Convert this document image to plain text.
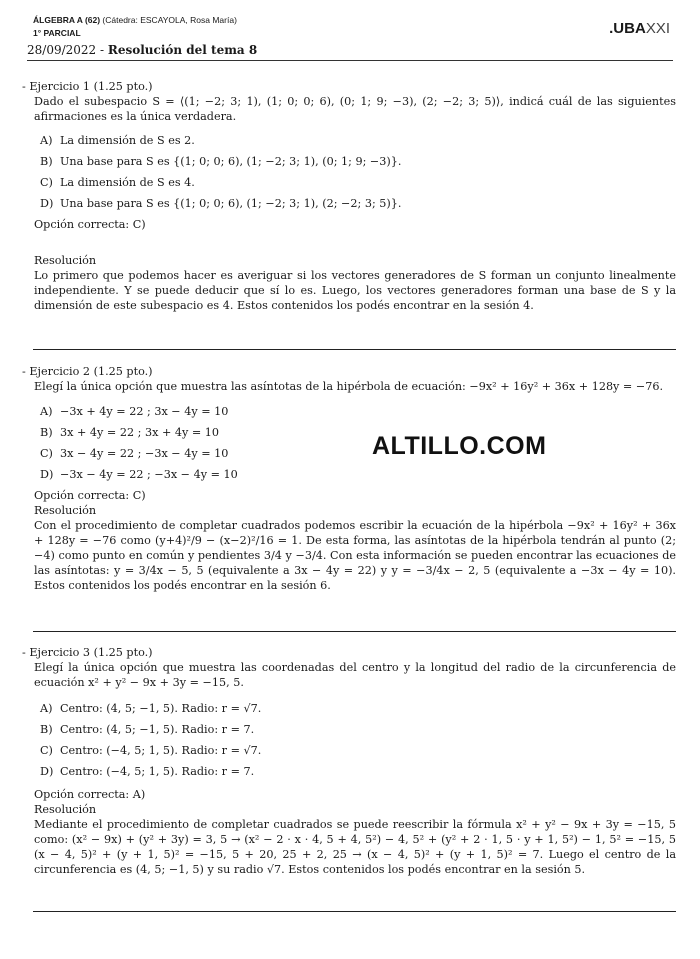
ÁLGEBRA A (62) (Cátedra: ESCAYOLA, Rosa María)
1° PARCIAL
28/09/2022 - Resolución del tema 8
.UBAXXI

- Ejercicio 1 (1.25 pto.)

Dado el subespacio S = ⟨(1; −2; 3; 1), (1; 0; 0; 6), (0; 1; 9; −3), (2; −2; 3; 5)⟩, indicá cuál de las siguientes afirmaciones es la única verdadera.

A) La dimensión de S es 2.
B) Una base para S es {(1; 0; 0; 6), (1; −2; 3; 1), (0; 1; 9; −3)}.
C) La dimensión de S es 4.
D) Una base para S es {(1; 0; 0; 6), (1; −2; 3; 1), (2; −2; 3; 5)}.

Opción correcta: C)

Resolución

Lo primero que podemos hacer es averiguar si los vectores generadores de S forman un conjunto linealmente independiente. Y se puede deducir que sí lo es. Luego, los vectores generadores forman una base de S y la dimensión de este subespacio es 4. Estos contenidos los podés encontrar en la sesión 4.

- Ejercicio 2 (1.25 pto.)

Elegí la única opción que muestra las asíntotas de la hipérbola de ecuación: −9x² + 16y² + 36x + 128y = −76.

A) −3x + 4y = 22 ; 3x − 4y = 10
B) 3x + 4y = 22 ; 3x + 4y = 10
C) 3x − 4y = 22 ; −3x − 4y = 10
D) −3x − 4y = 22 ; −3x − 4y = 10

Opción correcta: C)

Resolución

Con el procedimiento de completar cuadrados podemos escribir la ecuación de la hipérbola −9x² + 16y² + 36x + 128y = −76 como (y+4)²/9 − (x−2)²/16 = 1. De esta forma, las asíntotas de la hipérbola tendrán al punto (2; −4) como punto en común y pendientes 3/4 y −3/4. Con esta información se pueden encontrar las ecuaciones de las asíntotas: y = 3/4x − 5, 5 (equivalente a 3x − 4y = 22) y y = −3/4x − 2, 5 (equivalente a −3x − 4y = 10). Estos contenidos los podés encontrar en la sesión 6.

ALTILLO.COM

- Ejercicio 3 (1.25 pto.)

Elegí la única opción que muestra las coordenadas del centro y la longitud del radio de la circunferencia de ecuación x² + y² − 9x + 3y = −15, 5.

A) Centro: (4, 5; −1, 5). Radio: r = √7.
B) Centro: (4, 5; −1, 5). Radio: r = 7.
C) Centro: (−4, 5; 1, 5). Radio: r = √7.
D) Centro: (−4, 5; 1, 5). Radio: r = 7.

Opción correcta: A)

Resolución

Mediante el procedimiento de completar cuadrados se puede reescribir la fórmula x² + y² − 9x + 3y = −15, 5 como: (x² − 9x) + (y² + 3y) = 3, 5 → (x² − 2 · x · 4, 5 + 4, 5²) − 4, 5² + (y² + 2 · 1, 5 · y + 1, 5²) − 1, 5² = −15, 5 (x − 4, 5)² + (y + 1, 5)² = −15, 5 + 20, 25 + 2, 25 → (x − 4, 5)² + (y + 1, 5)² = 7. Luego el centro de la circunferencia es (4, 5; −1, 5) y su radio √7. Estos contenidos los podés encontrar en la sesión 5.
